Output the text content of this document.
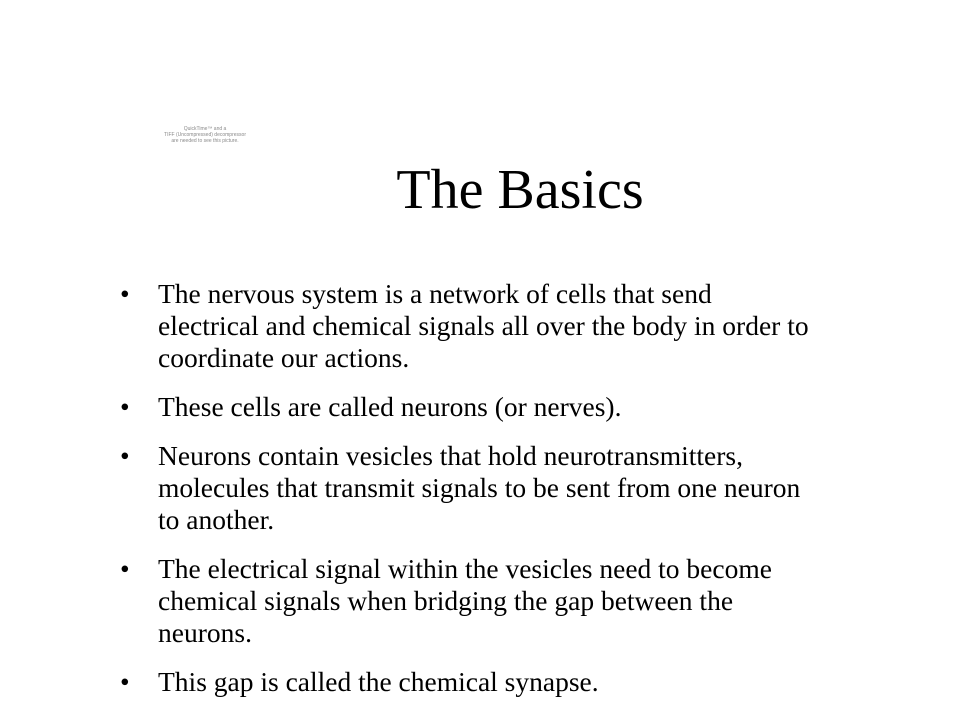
QuickTime™ and a
TIFF (Uncompressed) decompressor
are needed to see this picture.
The Basics
• The nervous system is a network of cells that send electrical and chemical signals all over the body in order to coordinate our actions.
• These cells are called neurons (or nerves).
• Neurons contain vesicles that hold neurotransmitters, molecules that transmit signals to be sent from one neuron to another.
• The electrical signal within the vesicles need to become chemical signals when bridging the gap between the neurons.
• This gap is called the chemical synapse.
